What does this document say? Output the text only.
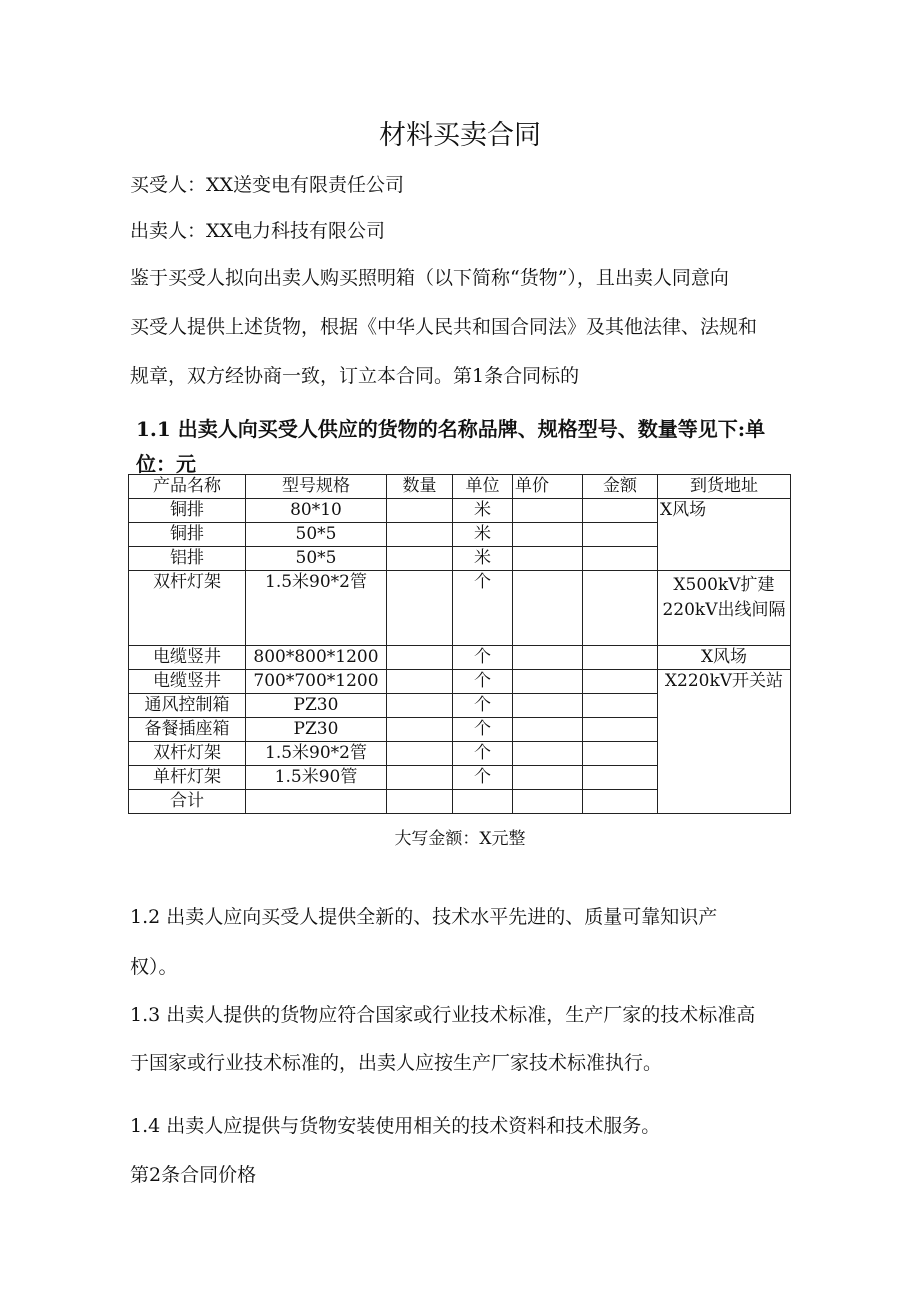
材料买卖合同
买受人：XX送变电有限责任公司
出卖人：XX电力科技有限公司
鉴于买受人拟向出卖人购买照明箱（以下简称“货物”），且出卖人同意向
买受人提供上述货物，根据《中华人民共和国合同法》及其他法律、法规和
规章，双方经协商一致，订立本合同。第1条合同标的
1.1 出卖人向买受人供应的货物的名称品牌、规格型号、数量等见下:单
位：元
产品名称	型号规格	数量	单位	单价	金额	到货地址	
铜排	80*10		米			X风场	
铜排	50*5		米				
铝排	50*5		米				
双杆灯架	1.5米90*2管		个			X500kV扩建220kV出线间隔	
电缆竖井	800*800*1200		个			X风场	
电缆竖井	700*700*1200		个			X220kV开关站	
通风控制箱	PZ30		个				
备餐插座箱	PZ30		个				
双杆灯架	1.5米90*2管		个				
单杆灯架	1.5米90管		个				
合计							
大写金额：X元整
1.2 出卖人应向买受人提供全新的、技术水平先进的、质量可靠知识产
权）。
1.3 出卖人提供的货物应符合国家或行业技术标准，生产厂家的技术标准高
于国家或行业技术标准的，出卖人应按生产厂家技术标准执行。
1.4 出卖人应提供与货物安装使用相关的技术资料和技术服务。
第2条合同价格
